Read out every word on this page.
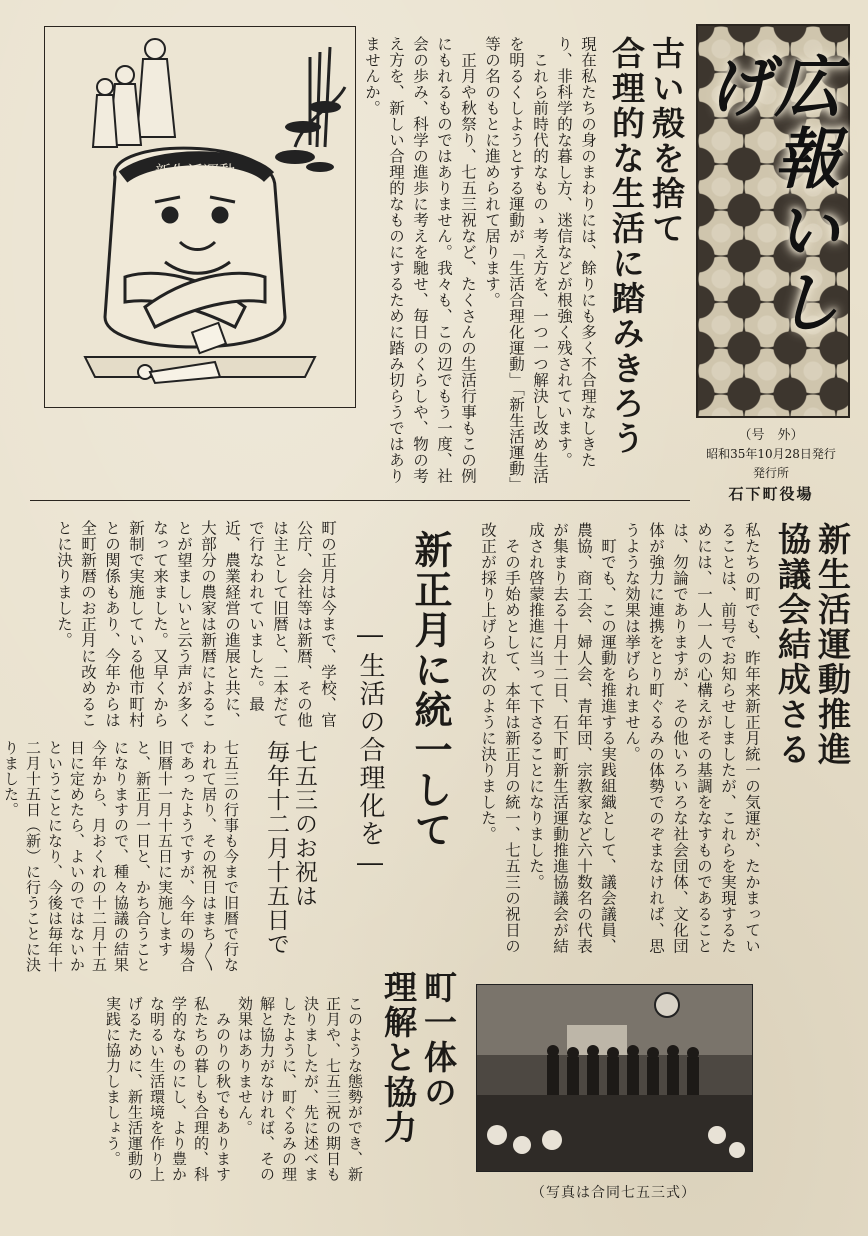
広報いしげ
（号　外）
昭和35年10月28日発行
発行所
石下町役場
新生活運動	古い殻を捨て
合理的な生活に踏みきろう
現在私たちの身のまわりには、餘りにも多く不合理なしきたり、非科学的な暮し方、迷信などが根強く残されています。
　これら前時代的なものゝ考え方を、一つ一つ解決し改め生活を明るくしようとする運動が「生活合理化運動」「新生活運動」等の名のもとに進められて居ります。
　正月や秋祭り、七五三祝など、たくさんの生活行事もこの例にもれるものではありません。我々も、この辺でもう一度、社会の歩み、科学の進歩に考えを馳せ、毎日のくらしや、物の考え方を、新しい合理的なものにするために踏み切らうではありませんか。
新生活運動推進
協議会結成さる
私たちの町でも、昨年来新正月統一の気運が、たかまっていることは、前号でお知らせしましたが、これらを実現するためには、一人一人の心構えがその基調をなすものであることは、勿論でありますが、その他いろいろな社会団体、文化団体が強力に連携をとり町ぐるみの体勢でのぞまなければ、思うような効果は挙げられません。
　町でも、この運動を推進する実践組織として、議会議員、農協、商工会、婦人会、青年団、宗教家など六十数名の代表が集まり去る十月十二日、石下町新生活運動推進協議会が結成され啓蒙推進に当って下さることになりました。
　その手始めとして、本年は新正月の統一、七五三の祝日の改正が採り上げられ次のように決りました。
新正月に統一して
―生活の合理化を―
町の正月は今まで、学校、官公庁、会社等は新暦、その他は主として旧暦と、二本だてで行なわれていました。最近、農業経営の進展と共に、大部分の農家は新暦によることが望ましいと云う声が多くなって来ました。又早くから新制で実施している他市町村との関係もあり、今年からは全町新暦のお正月に改めることに決りました。
七五三のお祝は
毎年十二月十五日で
七五三の行事も今まで旧暦で行なわれて居り、その祝日はまち〳〵であったようですが、今年の場合旧暦十一月十五日に実施しますと、新正月一日と、かち合うことになりますので、種々協議の結果今年から、月おくれの十二月十五日に定めたら、よいのではないかということになり、今後は毎年十二月十五日（新）に行うことに決りました。
町一体の
理解と協力
このような態勢ができ、新正月や、七五三祝の期日も決りましたが、先に述べましたように、町ぐるみの理解と協力がなければ、その効果はありません。
　みのりの秋でもあります私たちの暮しも合理的、科学的なものにし、より豊かな明るい生活環境を作り上げるために、新生活運動の実践に協力しましょう。
（写真は合同七五三式）
